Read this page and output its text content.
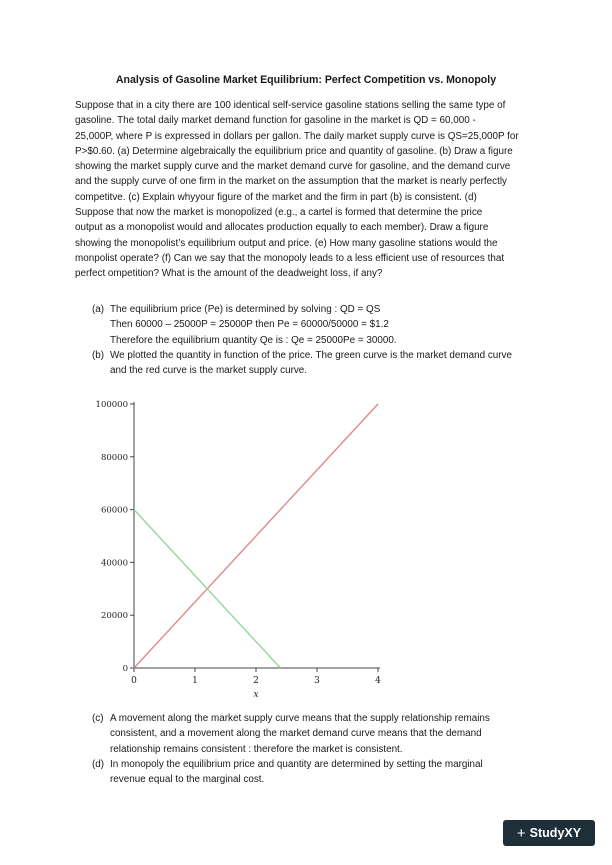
Analysis of Gasoline Market Equilibrium: Perfect Competition vs. Monopoly
Suppose that in a city there are 100 identical self-service gasoline stations selling the same type of
gasoline. The total daily market demand function for gasoline in the market is QD = 60,000 -
25,000P, where P is expressed in dollars per gallon. The daily market supply curve is QS=25,000P for
P>$0.60. (a) Determine algebraically the equilibrium price and quantity of gasoline. (b) Draw a figure
showing the market supply curve and the market demand curve for gasoline, and the demand curve
and the supply curve of one firm in the market on the assumption that the market is nearly perfectly
competitve. (c) Explain whyyour figure of the market and the firm in part (b) is consistent. (d)
Suppose that now the market is monopolized (e.g., a cartel is formed that determine the price
output as a monopolist would and allocates production equally to each member). Draw a figure
showing the monopolist’s equilibrium output and price. (e) How many gasoline stations would the
monpolist operate? (f) Can we say that the monopoly leads to a less efficient use of resources that
perfect ompetition? What is the amount of the deadweight loss, if any?
(a) The equilibrium price (Pe) is determined by solving : QD = QS
Then 60000 – 25000P = 25000P then Pe = 60000/50000 = $1.2
Therefore the equilibrium quantity Qe is : Qe = 25000Pe = 30000.
(b) We plotted the quantity in function of the price. The green curve is the market demand curve
and the red curve is the market supply curve.
0	1	2	3	4
0
20000
40000
60000
80000
100000
x
(c) A movement along the market supply curve means that the supply relationship remains
consistent, and a movement along the market demand curve means that the demand
relationship remains consistent : therefore the market is consistent.
(d) In monopoly the equilibrium price and quantity are determined by setting the marginal
revenue equal to the marginal cost.
+ StudyXY
